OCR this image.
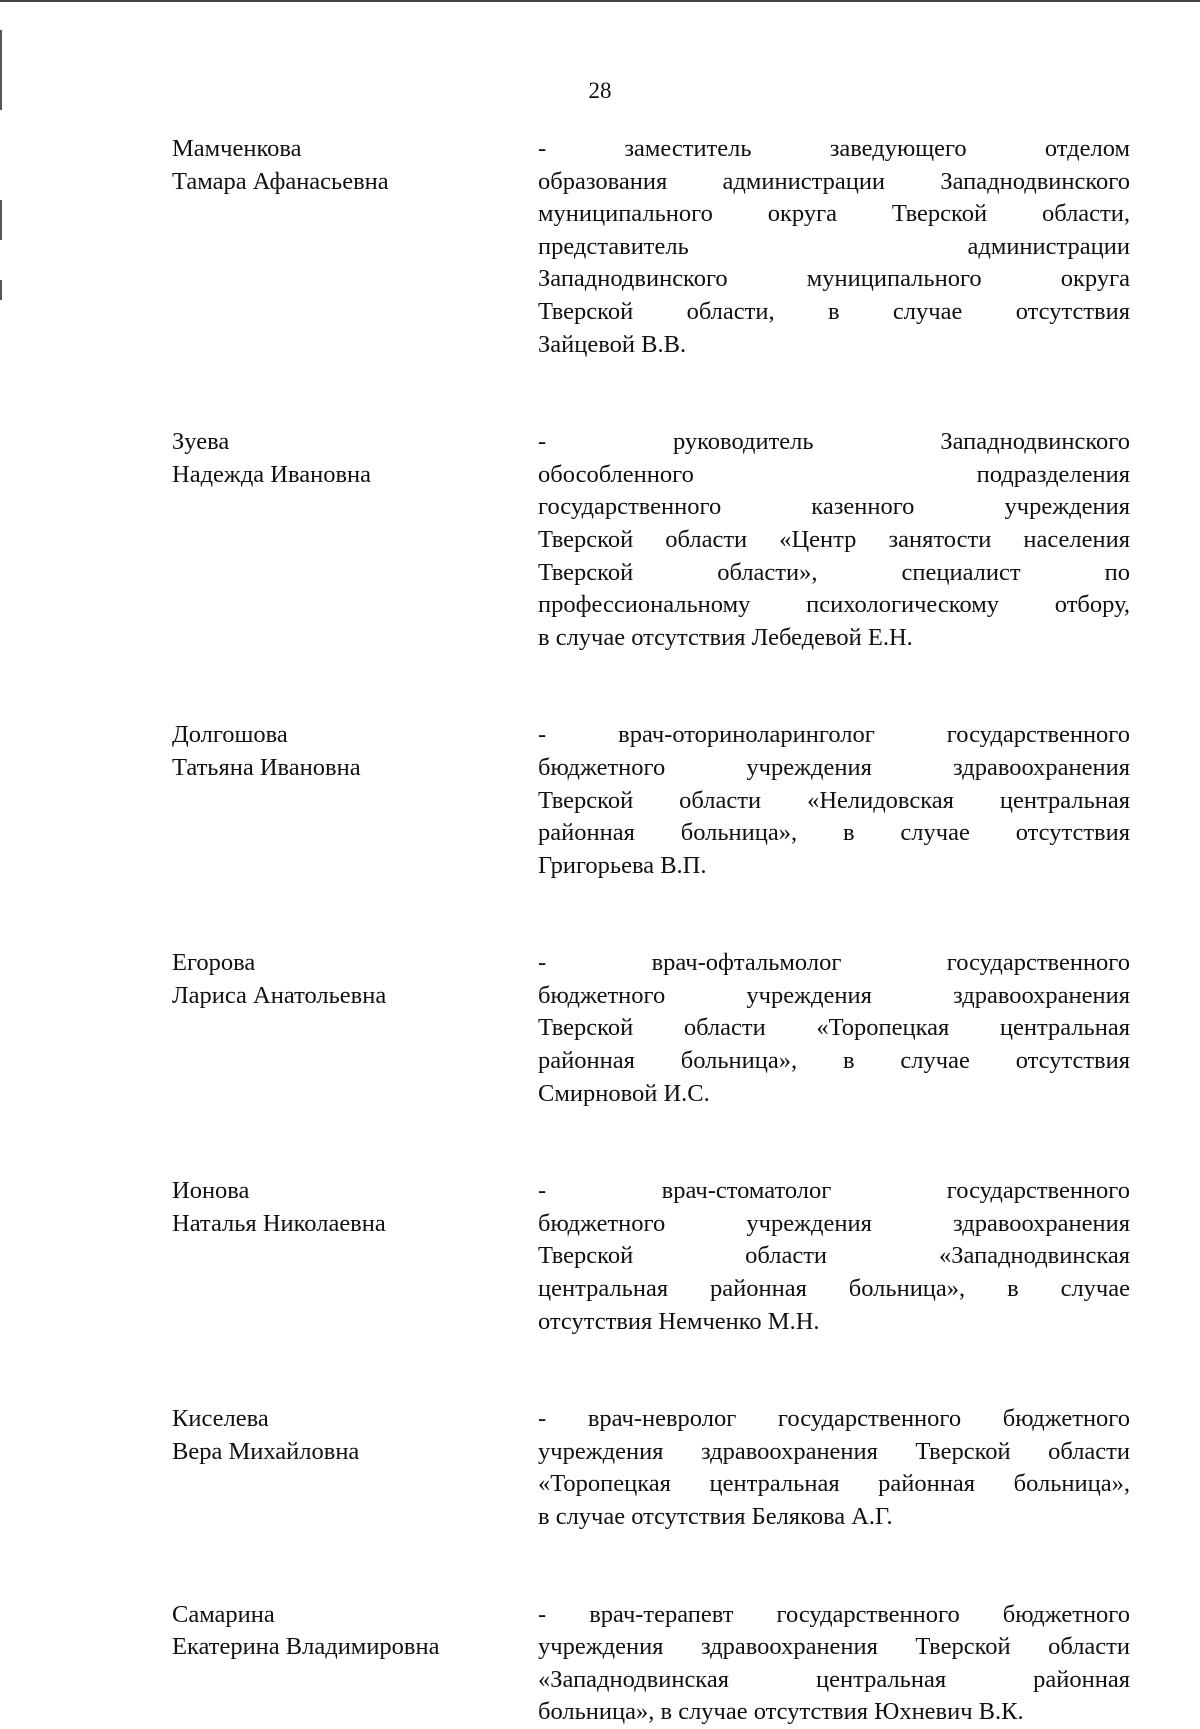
28
Мамченкова
Тамара Афанасьевна
- заместитель заведующего отделом
образования администрации Западнодвинского
муниципального округа Тверской области,
представитель администрации
Западнодвинского муниципального округа
Тверской области, в случае отсутствия
Зайцевой В.В.
Зуева
Надежда Ивановна
- руководитель Западнодвинского
обособленного подразделения
государственного казенного учреждения
Тверской области «Центр занятости населения
Тверской области», специалист по
профессиональному психологическому отбору,
в случае отсутствия Лебедевой Е.Н.
Долгошова
Татьяна Ивановна
- врач-оториноларинголог государственного
бюджетного учреждения здравоохранения
Тверской области «Нелидовская центральная
районная больница», в случае отсутствия
Григорьева В.П.
Егорова
Лариса Анатольевна
- врач-офтальмолог государственного
бюджетного учреждения здравоохранения
Тверской области «Торопецкая центральная
районная больница», в случае отсутствия
Смирновой И.С.
Ионова
Наталья Николаевна
- врач-стоматолог государственного
бюджетного учреждения здравоохранения
Тверской области «Западнодвинская
центральная районная больница», в случае
отсутствия Немченко М.Н.
Киселева
Вера Михайловна
- врач-невролог государственного бюджетного
учреждения здравоохранения Тверской области
«Торопецкая центральная районная больница»,
в случае отсутствия Белякова А.Г.
Самарина
Екатерина Владимировна
- врач-терапевт государственного бюджетного
учреждения здравоохранения Тверской области
«Западнодвинская центральная районная
больница», в случае отсутствия Юхневич В.К.
